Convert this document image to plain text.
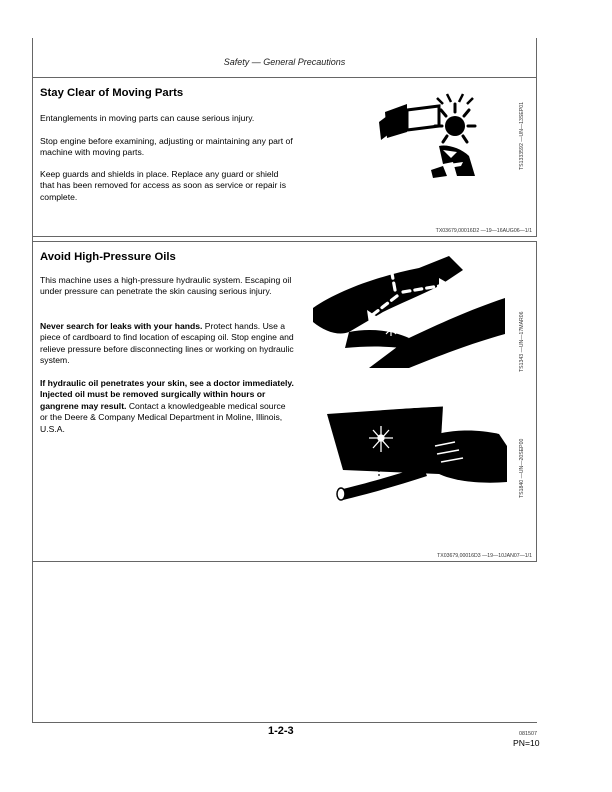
Safety — General Precautions
Stay Clear of Moving Parts

Entanglements in moving parts can cause serious injury.

Stop engine before examining, adjusting or maintaining any part of machine with moving parts.

Keep guards and shields in place. Replace any guard or shield that has been removed for access as soon as service or repair is complete.

TS1333592 —UN—13SEP01
TX03679,00016D2 —19—16AUG06—1/1
Avoid High-Pressure Oils

This machine uses a high-pressure hydraulic system. Escaping oil under pressure can penetrate the skin causing serious injury.

Never search for leaks with your hands. Protect hands. Use a piece of cardboard to find location of escaping oil. Stop engine and relieve pressure before disconnecting lines or working on hydraulic system.

If hydraulic oil penetrates your skin, see a doctor immediately. Injected oil must be removed surgically within hours or gangrene may result. Contact a knowledgeable medical source or the Deere & Company Medical Department in Moline, Illinois, U.S.A.

TS1343 —UN—17MAR06
TS1840 —UN—20SEP00
TX03679,00016D3 —19—10JAN07—1/1
1-2-3	081507
PN=10
